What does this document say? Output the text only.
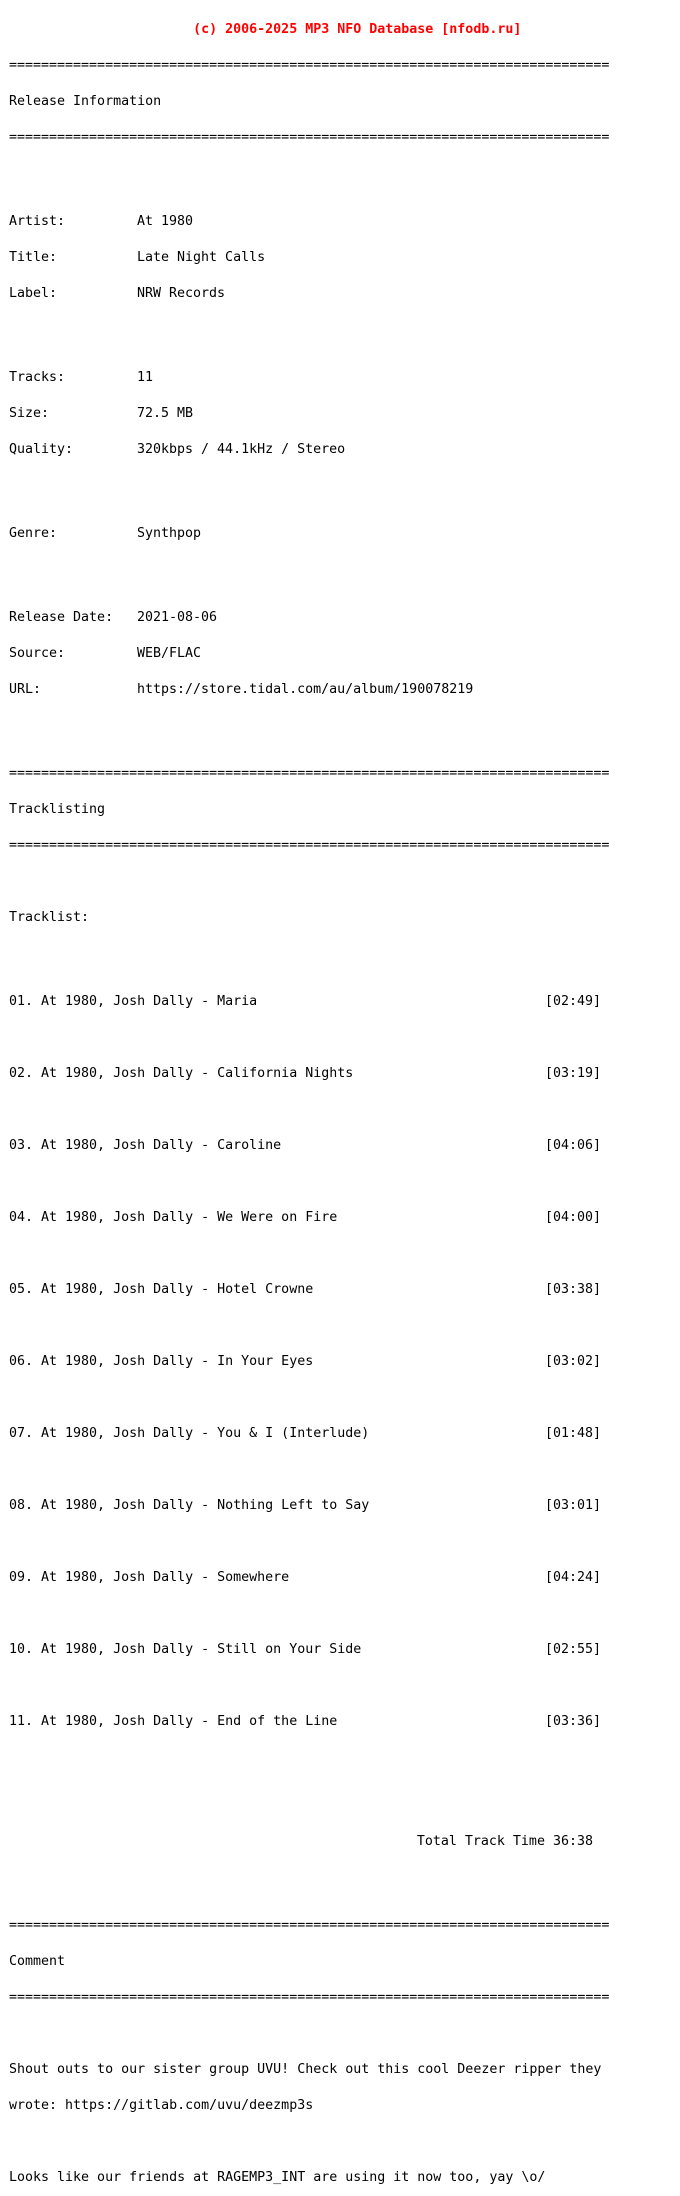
(c) 2006-2025 MP3 NFO Database [nfodb.ru]

===========================================================================

Release Information

===========================================================================

Artist:	At 1980

Title:	Late Night Calls

Label:	NRW Records

Tracks:	11

Size:	72.5 MB

Quality:	320kbps / 44.1kHz / Stereo

Genre:	Synthpop

Release Date: 2021-08-06

Source:	WEB/FLAC

URL:	https://store.tidal.com/au/album/190078219

===========================================================================

Tracklisting

===========================================================================

Tracklist:

01. At 1980, Josh Dally - Maria	[02:49]

02. At 1980, Josh Dally - California Nights	[03:19]

03. At 1980, Josh Dally - Caroline	[04:06]

04. At 1980, Josh Dally - We Were on Fire	[04:00]

05. At 1980, Josh Dally - Hotel Crowne	[03:38]

06. At 1980, Josh Dally - In Your Eyes	[03:02]

07. At 1980, Josh Dally - You & I (Interlude)	[01:48]

08. At 1980, Josh Dally - Nothing Left to Say	[03:01]

09. At 1980, Josh Dally - Somewhere	[04:24]

10. At 1980, Josh Dally - Still on Your Side	[02:55]

11. At 1980, Josh Dally - End of the Line	[03:36]

Total Track Time 36:38

===========================================================================

Comment

===========================================================================

Shout outs to our sister group UVU! Check out this cool Deezer ripper they

wrote: https://gitlab.com/uvu/deezmp3s

Looks like our friends at RAGEMP3_INT are using it now too, yay \o/
